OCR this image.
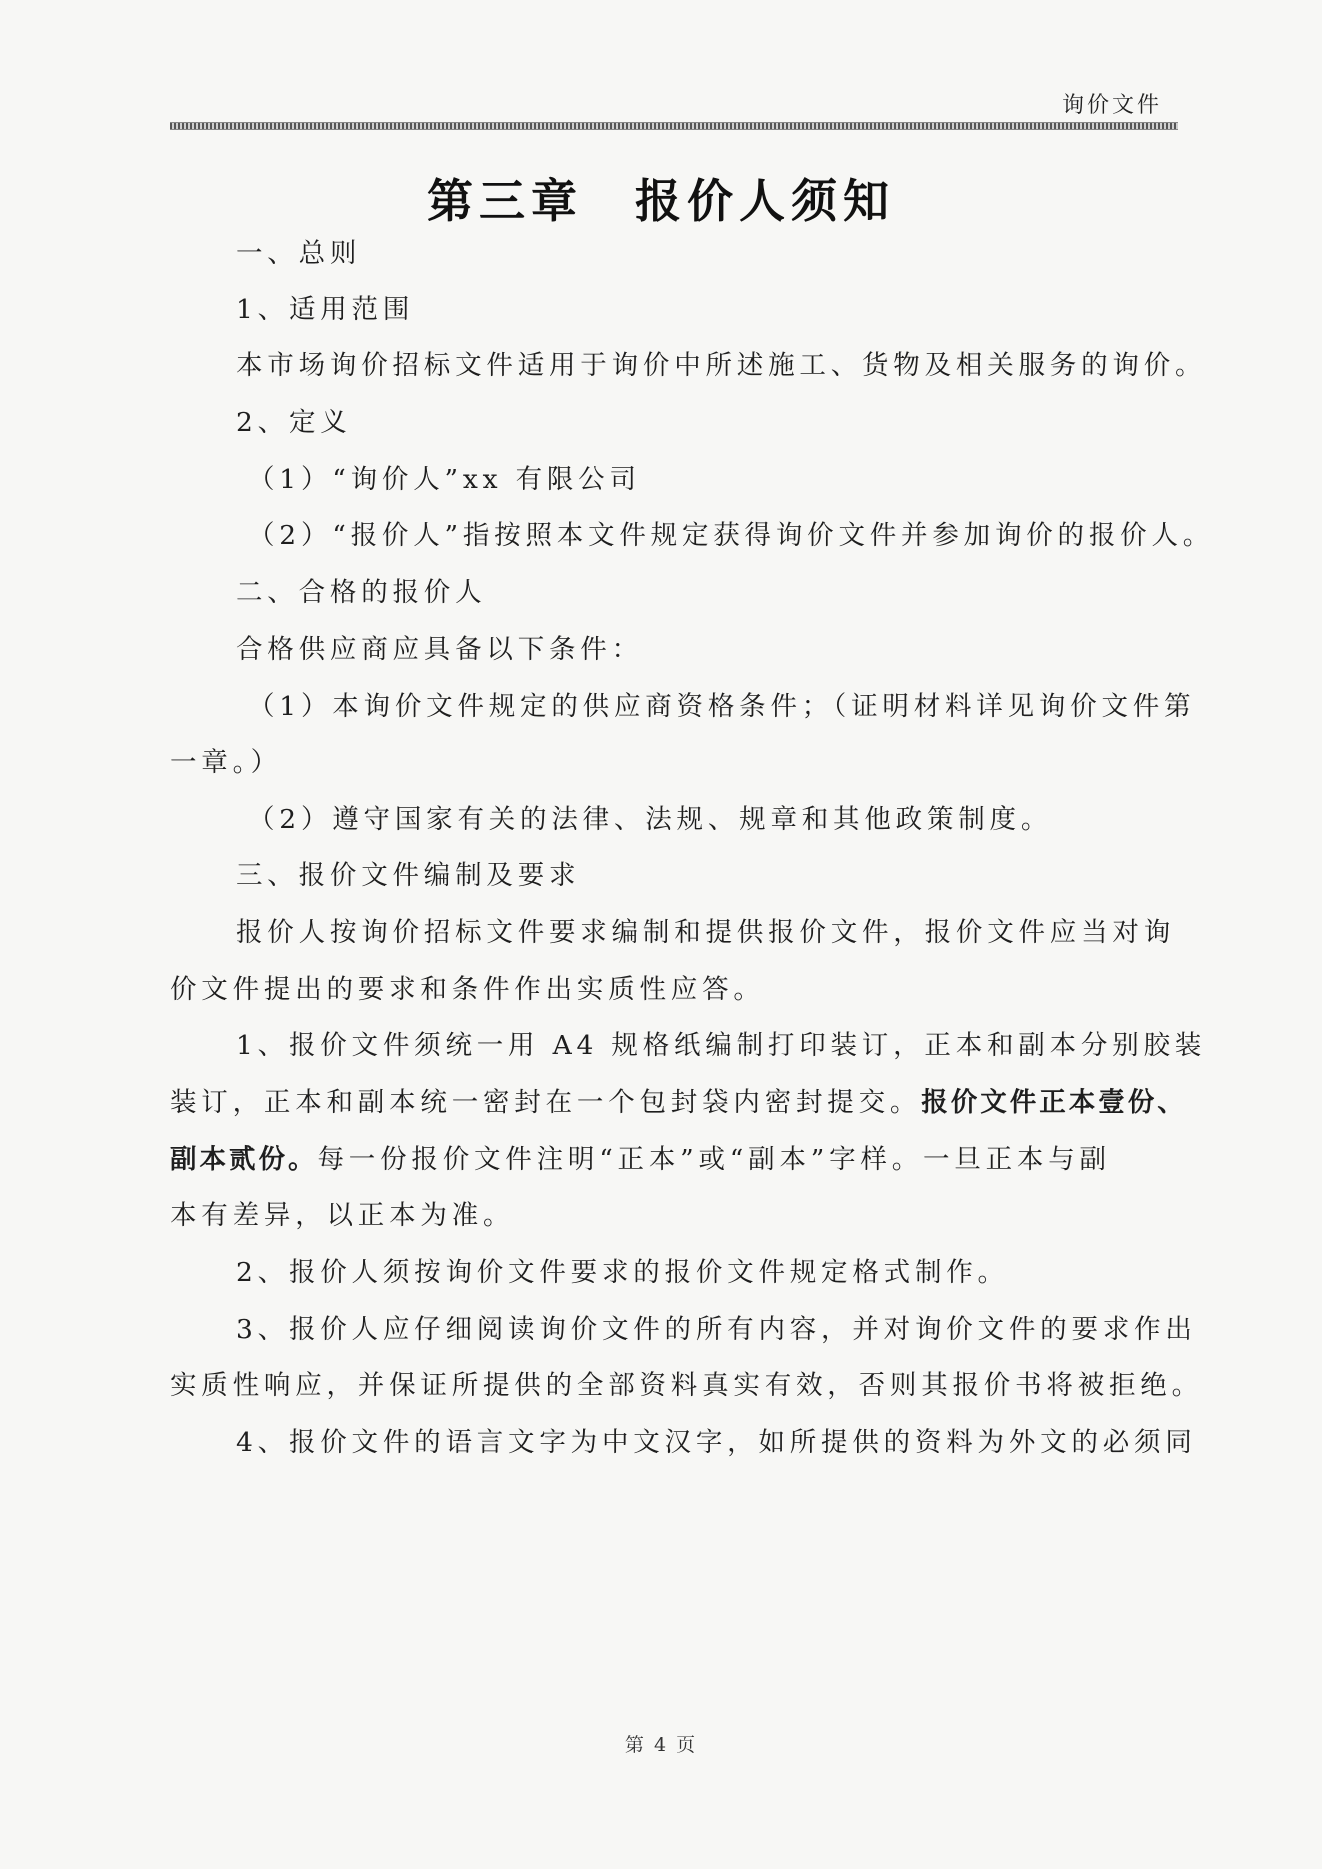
询价文件
第三章　报价人须知
一、总则
1、适用范围
本市场询价招标文件适用于询价中所述施工、货物及相关服务的询价。
2、定义
（1）“询价人”xx 有限公司
（2）“报价人”指按照本文件规定获得询价文件并参加询价的报价人。
二、合格的报价人
合格供应商应具备以下条件：
（1）本询价文件规定的供应商资格条件；（证明材料详见询价文件第
一章。）
（2）遵守国家有关的法律、法规、规章和其他政策制度。
三、报价文件编制及要求
报价人按询价招标文件要求编制和提供报价文件，报价文件应当对询
价文件提出的要求和条件作出实质性应答。
1、报价文件须统一用 A4 规格纸编制打印装订，正本和副本分别胶装
装订，正本和副本统一密封在一个包封袋内密封提交。报价文件正本壹份、
副本贰份。每一份报价文件注明“正本”或“副本”字样。一旦正本与副
本有差异，以正本为准。
2、报价人须按询价文件要求的报价文件规定格式制作。
3、报价人应仔细阅读询价文件的所有内容，并对询价文件的要求作出
实质性响应，并保证所提供的全部资料真实有效，否则其报价书将被拒绝。
4、报价文件的语言文字为中文汉字，如所提供的资料为外文的必须同
第 4 页
